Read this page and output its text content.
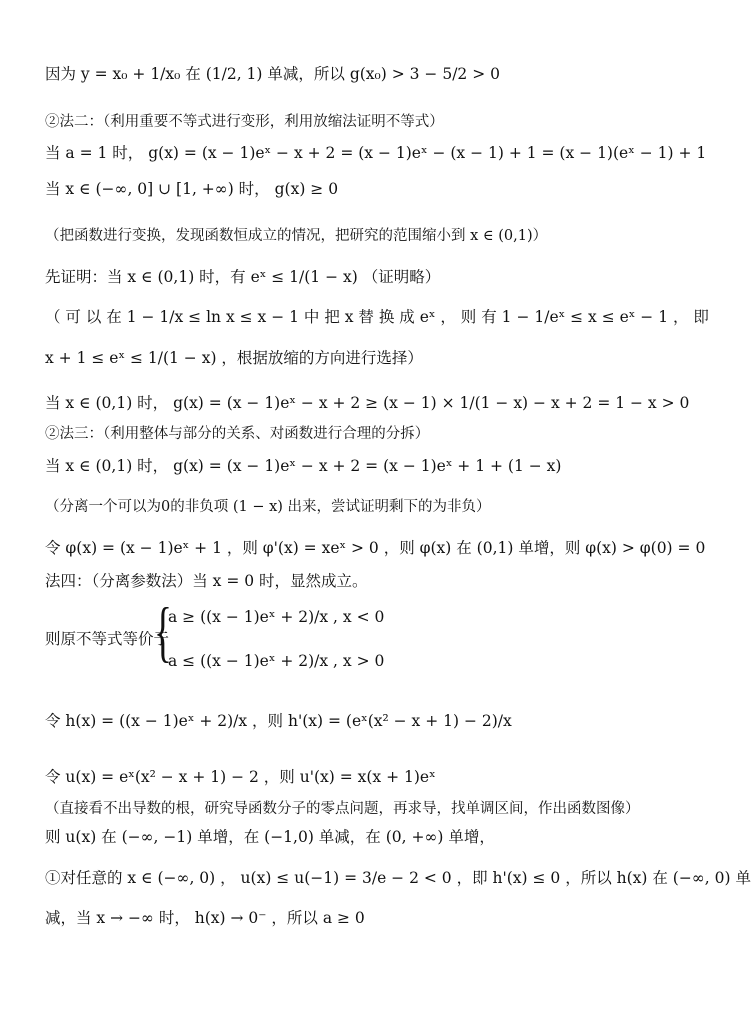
因为 y = x₀ + 1/x₀ 在 (1/2, 1) 单减，所以 g(x₀) > 3 − 5/2 > 0
②法二：（利用重要不等式进行变形，利用放缩法证明不等式）
当 a = 1 时， g(x) = (x − 1)eˣ − x + 2 = (x − 1)eˣ − (x − 1) + 1 = (x − 1)(eˣ − 1) + 1
当 x ∈ (−∞, 0] ∪ [1, +∞) 时， g(x) ≥ 0
（把函数进行变换，发现函数恒成立的情况，把研究的范围缩小到 x ∈ (0,1)）
先证明：当 x ∈ (0,1) 时，有 eˣ ≤ 1/(1 − x) （证明略）
（ 可 以 在 1 − 1/x ≤ ln x ≤ x − 1 中 把 x 替 换 成 eˣ ， 则 有 1 − 1/eˣ ≤ x ≤ eˣ − 1 ， 即
x + 1 ≤ eˣ ≤ 1/(1 − x) ，根据放缩的方向进行选择）
当 x ∈ (0,1) 时， g(x) = (x − 1)eˣ − x + 2 ≥ (x − 1) × 1/(1 − x) − x + 2 = 1 − x > 0
②法三：（利用整体与部分的关系、对函数进行合理的分拆）
当 x ∈ (0,1) 时， g(x) = (x − 1)eˣ − x + 2 = (x − 1)eˣ + 1 + (1 − x)
（分离一个可以为0的非负项 (1 − x) 出来，尝试证明剩下的为非负）
令 φ(x) = (x − 1)eˣ + 1 ，则 φ'(x) = xeˣ > 0 ，则 φ(x) 在 (0,1) 单增，则 φ(x) > φ(0) = 0
法四：（分离参数法）当 x = 0 时，显然成立。
{
a ≥ ((x − 1)eˣ + 2)/x , x < 0
则原不等式等价于
a ≤ ((x − 1)eˣ + 2)/x , x > 0
令 h(x) = ((x − 1)eˣ + 2)/x ，则 h'(x) = (eˣ(x² − x + 1) − 2)/x
令 u(x) = eˣ(x² − x + 1) − 2 ，则 u'(x) = x(x + 1)eˣ
（直接看不出导数的根，研究导函数分子的零点问题，再求导，找单调区间，作出函数图像）
则 u(x) 在 (−∞, −1) 单增，在 (−1,0) 单减，在 (0, +∞) 单增，
①对任意的 x ∈ (−∞, 0) ， u(x) ≤ u(−1) = 3/e − 2 < 0 ，即 h'(x) ≤ 0 ，所以 h(x) 在 (−∞, 0) 单
减，当 x → −∞ 时， h(x) → 0⁻ ，所以 a ≥ 0
